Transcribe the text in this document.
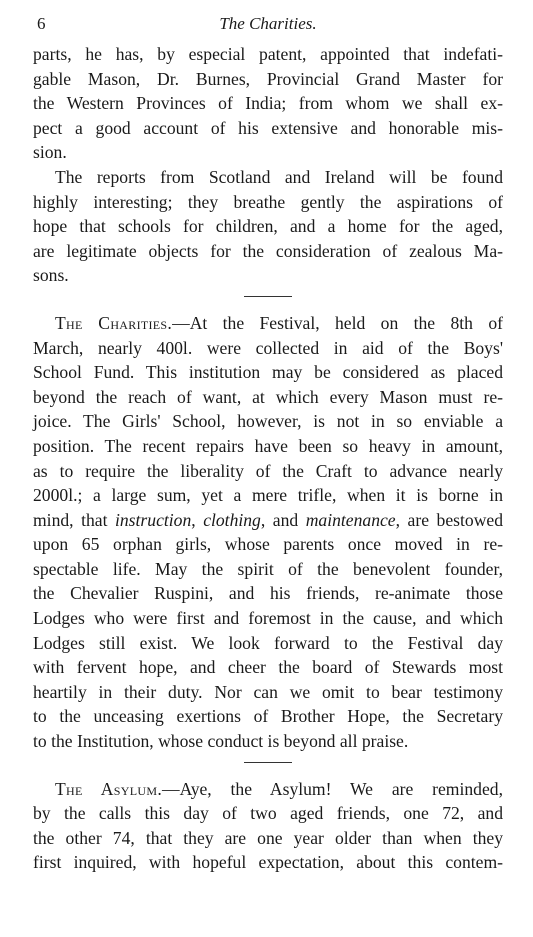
6	The Charities.
parts, he has, by especial patent, appointed that indefati-
gable Mason, Dr. Burnes, Provincial Grand Master for
the Western Provinces of India; from whom we shall ex-
pect a good account of his extensive and honorable mis-
sion.
The reports from Scotland and Ireland will be found
highly interesting; they breathe gently the aspirations of
hope that schools for children, and a home for the aged,
are legitimate objects for the consideration of zealous Ma-
sons.
The Charities.—At the Festival, held on the 8th of
March, nearly 400l. were collected in aid of the Boys'
School Fund. This institution may be considered as placed
beyond the reach of want, at which every Mason must re-
joice. The Girls' School, however, is not in so enviable a
position. The recent repairs have been so heavy in amount,
as to require the liberality of the Craft to advance nearly
2000l.; a large sum, yet a mere trifle, when it is borne in
mind, that instruction, clothing, and maintenance, are bestowed
upon 65 orphan girls, whose parents once moved in re-
spectable life. May the spirit of the benevolent founder,
the Chevalier Ruspini, and his friends, re-animate those
Lodges who were first and foremost in the cause, and which
Lodges still exist. We look forward to the Festival day
with fervent hope, and cheer the board of Stewards most
heartily in their duty. Nor can we omit to bear testimony
to the unceasing exertions of Brother Hope, the Secretary
to the Institution, whose conduct is beyond all praise.
The Asylum.—Aye, the Asylum! We are reminded,
by the calls this day of two aged friends, one 72, and
the other 74, that they are one year older than when they
first inquired, with hopeful expectation, about this contem-
